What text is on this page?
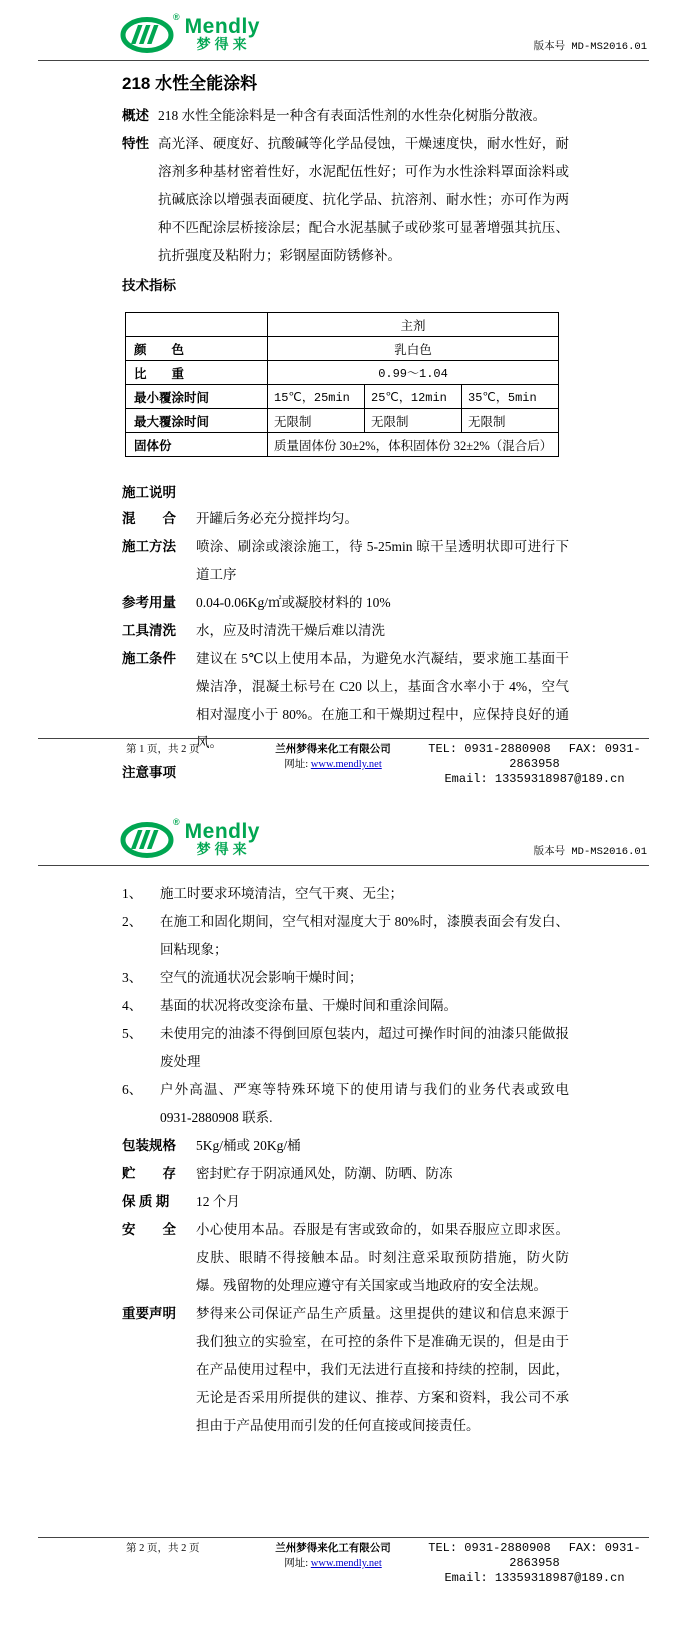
® Mendly
梦得来	版本号 MD-MS2016.01
218 水性全能涂料
概述 218 水性全能涂料是一种含有表面活性剂的水性杂化树脂分散液。
特性 高光泽、硬度好、抗酸碱等化学品侵蚀，干燥速度快，耐水性好，耐溶剂多种基材密着性好，水泥配伍性好；可作为水性涂料罩面涂料或抗碱底涂以增强表面硬度、抗化学品、抗溶剂、耐水性；亦可作为两种不匹配涂层桥接涂层；配合水泥基腻子或砂浆可显著增强其抗压、抗折强度及粘附力；彩钢屋面防锈修补。
技术指标
	主剂		
颜　　色	乳白色		
比　　重	0.99～1.04		
最小覆涂时间	15℃，25min	25℃，12min	35℃，5min
最大覆涂时间	无限制	无限制	无限制
固体份	质量固体份 30±2%，体积固体份 32±2%（混合后）		
施工说明
混　　合	开罐后务必充分搅拌均匀。
施工方法	喷涂、刷涂或滚涂施工，待 5-25min 晾干呈透明状即可进行下道工序
参考用量	0.04-0.06Kg/㎡或凝胶材料的 10%
工具清洗	水，应及时清洗干燥后难以清洗
施工条件	建议在 5℃以上使用本品，为避免水汽凝结，要求施工基面干燥洁净，混凝土标号在 C20 以上，基面含水率小于 4%，空气相对湿度小于 80%。在施工和干燥期过程中，应保持良好的通风。
注意事项
第 1 页，共 2 页	兰州梦得来化工有限公司
网址: www.mendly.net
TEL: 0931-2880908 FAX: 0931-2863958
Email: 13359318987@189.cn
® Mendly
梦得来	版本号 MD-MS2016.01
1、	施工时要求环境清洁，空气干爽、无尘；
2、	在施工和固化期间，空气相对湿度大于 80%时，漆膜表面会有发白、回粘现象；
3、	空气的流通状况会影响干燥时间；
4、	基面的状况将改变涂布量、干燥时间和重涂间隔。
5、	未使用完的油漆不得倒回原包装内，超过可操作时间的油漆只能做报废处理
6、	户外高温、严寒等特殊环境下的使用请与我们的业务代表或致电 0931-2880908 联系.
包装规格	5Kg/桶或 20Kg/桶
贮　　存	密封贮存于阴凉通风处，防潮、防晒、防冻
保 质 期	12 个月
安　　全	小心使用本品。吞服是有害或致命的，如果吞服应立即求医。皮肤、眼睛不得接触本品。时刻注意采取预防措施，防火防爆。残留物的处理应遵守有关国家或当地政府的安全法规。
重要声明	梦得来公司保证产品生产质量。这里提供的建议和信息来源于我们独立的实验室，在可控的条件下是准确无误的，但是由于在产品使用过程中，我们无法进行直接和持续的控制，因此，无论是否采用所提供的建议、推荐、方案和资料，我公司不承担由于产品使用而引发的任何直接或间接责任。
第 2 页，共 2 页	兰州梦得来化工有限公司
网址: www.mendly.net
TEL: 0931-2880908 FAX: 0931-2863958
Email: 13359318987@189.cn
